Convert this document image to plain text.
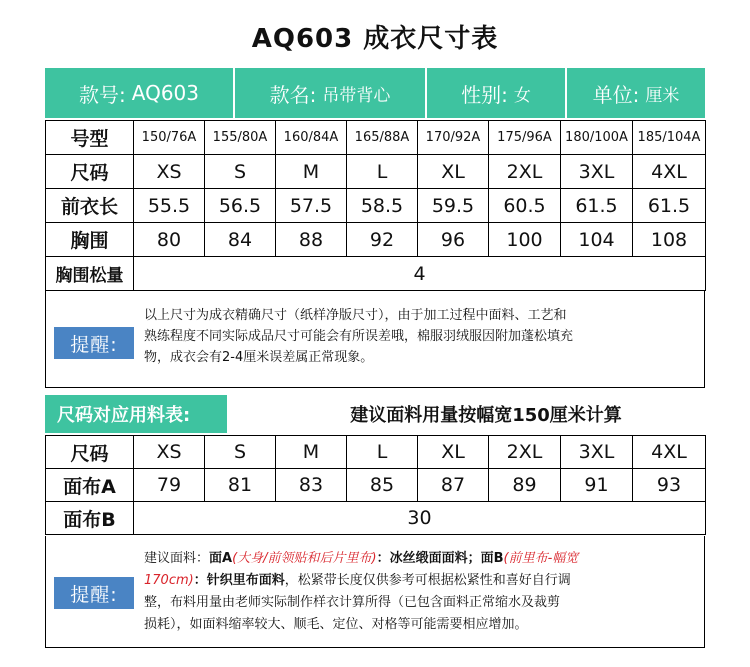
AQ603 成衣尺寸表
款号: AQ603	款名: 吊带背心	性别: 女	单位: 厘米
号型	150/76A	155/80A	160/84A	165/88A	170/92A	175/96A	180/100A	185/104A
尺码	XS	S	M	L	XL	2XL	3XL	4XL
前衣长	55.5	56.5	57.5	58.5	59.5	60.5	61.5	61.5
胸围	80	84	88	92	96	100	104	108
胸围松量	4							
提醒:
以上尺寸为成衣精确尺寸（纸样净版尺寸），由于加工过程中面料、工艺和
熟练程度不同实际成品尺寸可能会有所误差哦，棉服羽绒服因附加蓬松填充
物，成衣会有2-4厘米误差属正常现象。
尺码对应用料表:	建议面料用量按幅宽150厘米计算
尺码	XS	S	M	L	XL	2XL	3XL	4XL
面布A	79	81	83	85	87	89	91	93
面布B	30							
提醒:
建议面料：面A(大身/前领贴和后片里布)：冰丝缎面面料；面B(前里布-幅宽
170cm)：针织里布面料，松紧带长度仅供参考可根据松紧性和喜好自行调
整，布料用量由老师实际制作样衣计算所得（已包含面料正常缩水及裁剪
损耗），如面料缩率较大、顺毛、定位、对格等可能需要相应增加。
